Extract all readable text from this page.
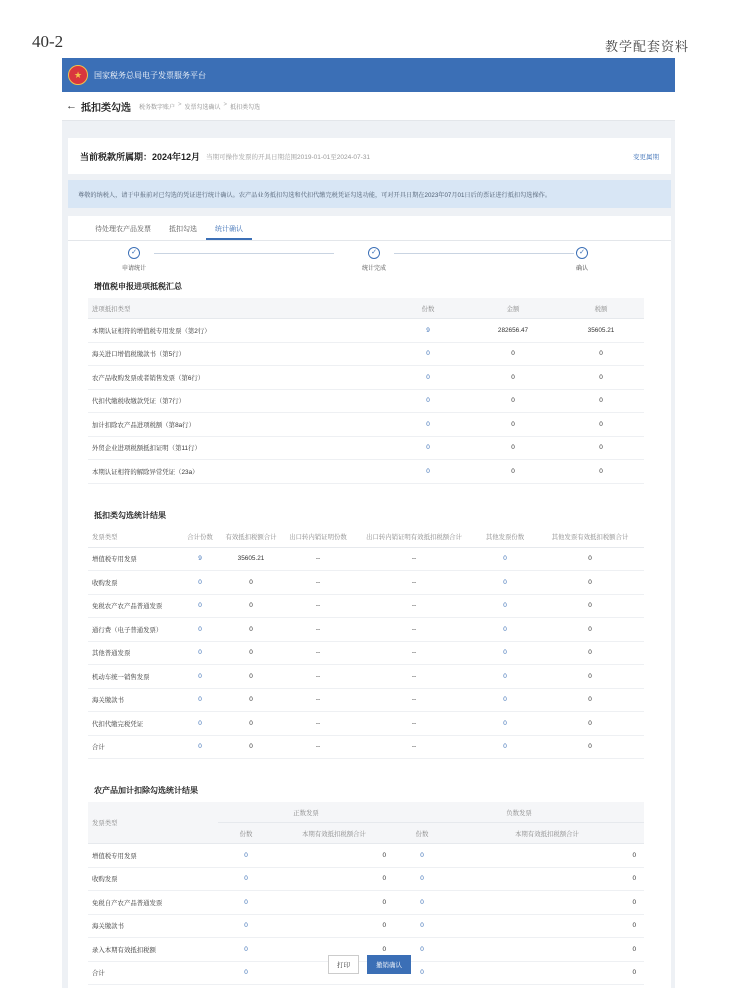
40-2	教学配套资料
★	国家税务总局电子发票服务平台
← 抵扣类勾选 税务数字账户 > 发票勾选确认 > 抵扣类勾选
当前税款所属期：2024年12月 当期可操作发票的开具日期范围2019-01-01至2024-07-31	变更属期
尊敬的纳税人，请于申报前对已勾选的凭证进行统计确认。农产品业务抵扣勾选和代扣代缴完税凭证勾选功能，可对开具日期在2023年07月01日后的票证进行抵扣勾选操作。
待处理农产品发票	抵扣勾选	统计确认
✓
申请统计
✓
统计完成
✓
确认
增值税申报进项抵税汇总
进项抵扣类型	份数	金额	税额
本期认证相符的增值税专用发票（第2行）	9	282656.47	35605.21
海关进口增值税缴款书（第5行）	0	0	0
农产品收购发票或者销售发票（第6行）	0	0	0
代扣代缴税收缴款凭证（第7行）	0	0	0
加计扣除农产品进项税额（第8a行）	0	0	0
外贸企业进项税额抵扣证明（第11行）	0	0	0
本期认证相符的解除异常凭证（23a）	0	0	0
抵扣类勾选统计结果
发票类型	合计份数	有效抵扣税额合计	出口转内销证明份数	出口转内销证明有效抵扣税额合计	其他发票份数	其他发票有效抵扣税额合计
增值税专用发票	9	35605.21	--	--	0	0
收购发票	0	0	--	--	0	0
免税农产农产品普通发票	0	0	--	--	0	0
通行费（电子普通发票）	0	0	--	--	0	0
其他普通发票	0	0	--	--	0	0
机动车统一销售发票	0	0	--	--	0	0
海关缴款书	0	0	--	--	0	0
代扣代缴完税凭证	0	0	--	--	0	0
合计	0	0	--	--	0	0
农产品加计扣除勾选统计结果
发票类型	正数发票		负数发票	
	份数	本期有效抵扣税额合计	份数	本期有效抵扣税额合计
增值税专用发票	0	0	0	0
收购发票	0	0	0	0
免税自产农产品普通发票	0	0	0	0
海关缴款书	0	0	0	0
录入本期有效抵扣税额	0	0	0	0
合计	0		0	0
打印	撤销确认
